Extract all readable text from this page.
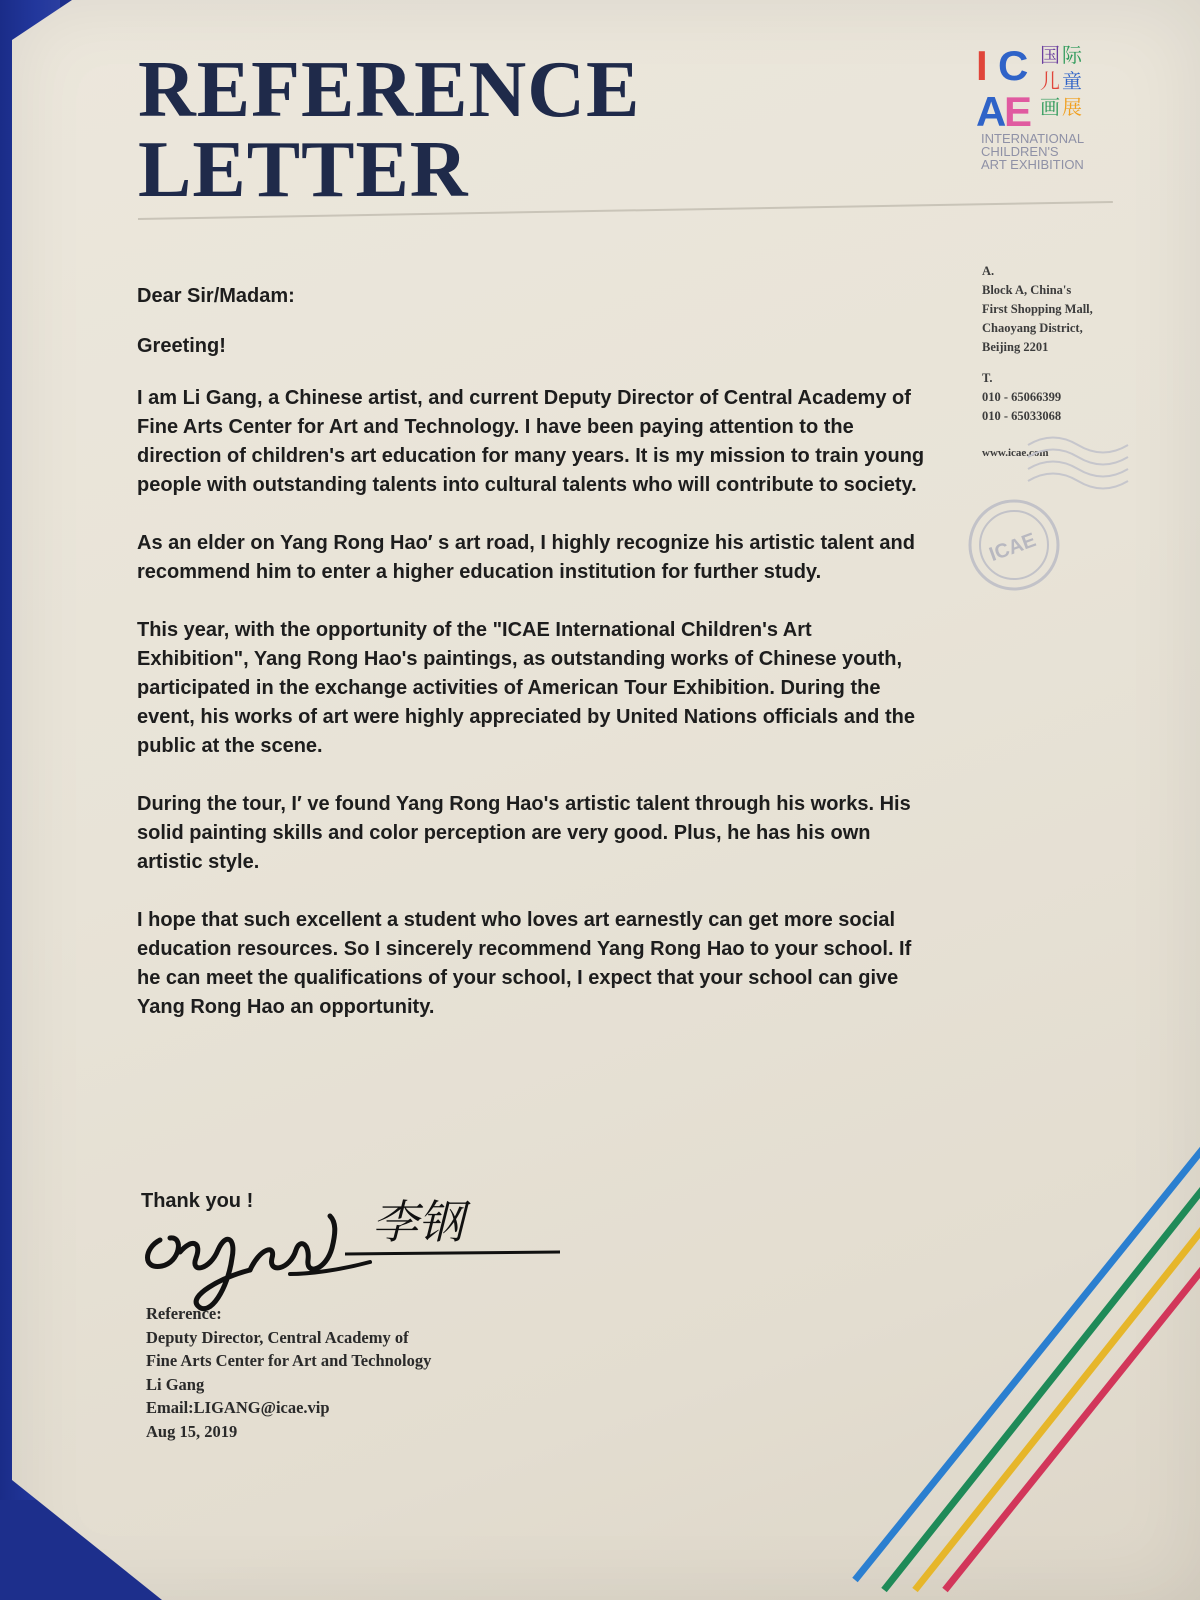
REFERENCE
LETTER
I C
A
E
国 际
儿 童
画 展

INTERNATIONAL
CHILDREN'S
ART EXHIBITION

A.

Block A, China's

First Shopping Mall,

Chaoyang District,

Beijing 2201

T.

010 - 65066399

010 - 65033068

www.icae.com

ICAE

Dear Sir/Madam:

Greeting!

I am Li Gang, a Chinese artist, and current Deputy Director of Central Academy of Fine Arts Center for Art and Technology. I have been paying attention to the direction of children's art education for many years. It is my mission to train young people with outstanding talents into cultural talents who will contribute to society.

As an elder on Yang Rong Hao′ s art road, I highly recognize his artistic talent and recommend him to enter a higher education institution for further study.

This year, with the opportunity of the "ICAE International Children's Art Exhibition", Yang Rong Hao's paintings, as outstanding works of Chinese youth, participated in the exchange activities of American Tour Exhibition. During the event, his works of art were highly appreciated by United Nations officials and the public at the scene.

During the tour, I′ ve found Yang Rong Hao's artistic talent through his works. His solid painting skills and color perception are very good. Plus, he has his own artistic style.

I hope that such excellent a student who loves art earnestly can get more social education resources. So I sincerely recommend Yang Rong Hao to your school. If he can meet the qualifications of your school, I expect that your school can give Yang Rong Hao an opportunity.

Thank you !	李钢

Reference:

Deputy Director, Central Academy of

Fine Arts Center for Art and Technology

Li Gang

Email:LIGANG@icae.vip

Aug 15, 2019
